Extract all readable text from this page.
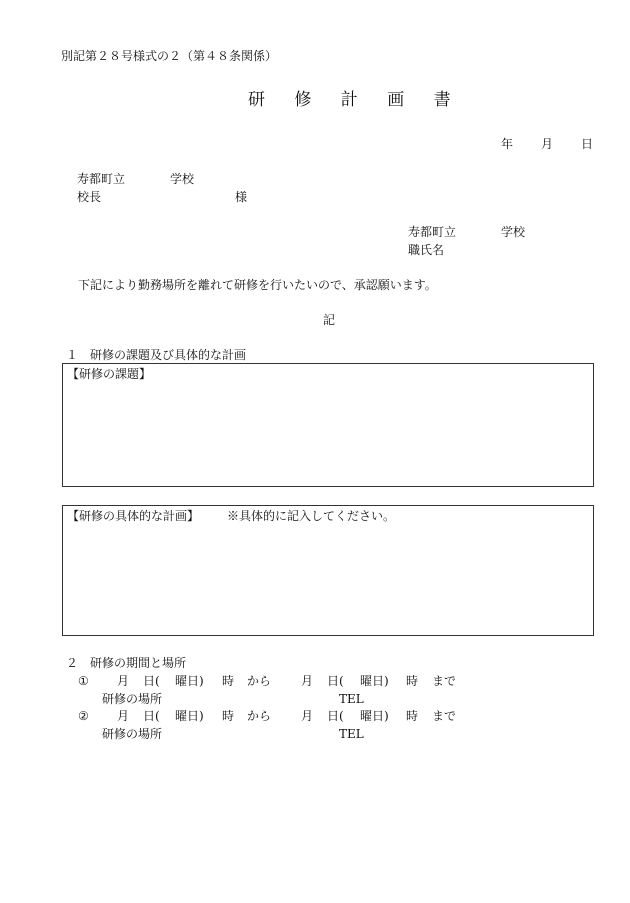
別記第２８号様式の２（第４８条関係）
研 修 計 画 書
年 月 日
寿都町立	学校
校長	様
寿都町立	学校
職氏名
下記により勤務場所を離れて研修を行いたいので、承認願います。
記
１　研修の課題及び具体的な計画
【研修の課題】
【研修の具体的な計画】 ※具体的に記入してください。
２　研修の期間と場所
① 月 日( 曜日) 時 から 月 日( 曜日) 時 まで
研修の場所	TEL
② 月 日( 曜日) 時 から 月 日( 曜日) 時 まで
研修の場所	TEL
